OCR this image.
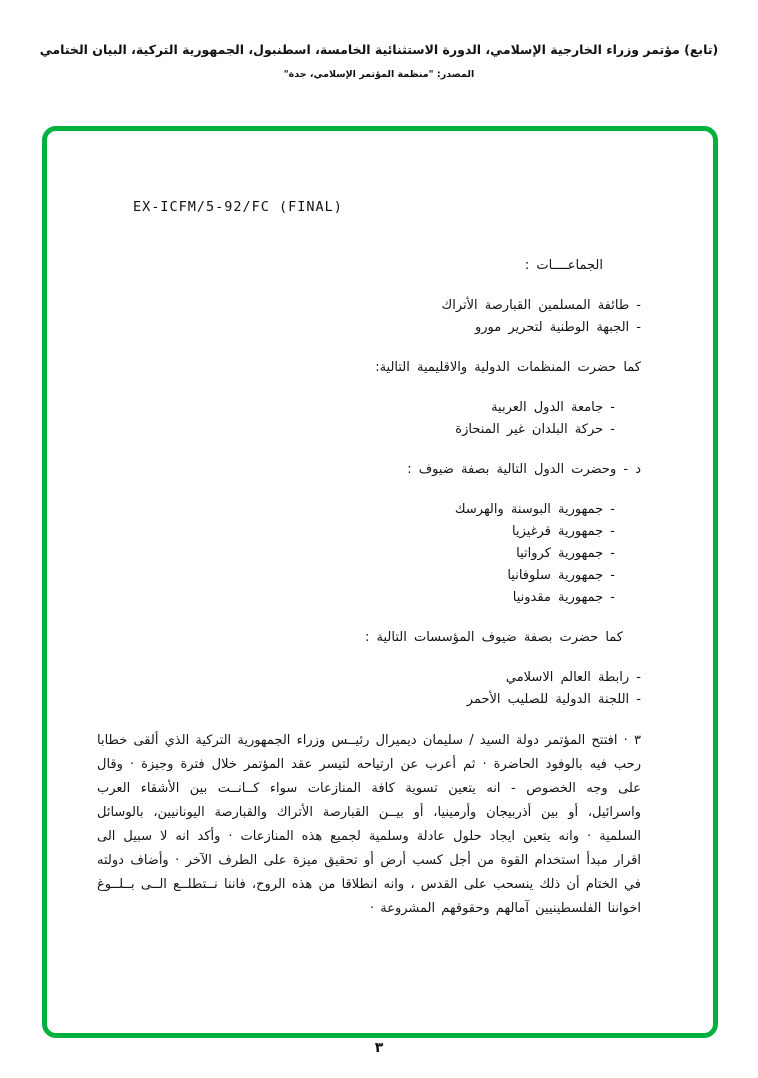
(تابع) مؤتمر وزراء الخارجية الإسلامي، الدورة الاستثنائية الخامسة، اسطنبول، الجمهورية التركية، البيان الختامي
المصدر: "منظمة المؤتمر الإسلامي، جدة"
EX-ICFM/5-92/FC (FINAL)
الجماعــــات :
- طائفة المسلمين القبارصة الأتراك
- الجبهة الوطنية لتحرير مورو
كما حضرت المنظمات الدولية والاقليمية التالية:
- جامعة الدول العربية
- حركة البلدان غير المنحازة
د - وحضرت الدول التالية بصفة ضيوف :
- جمهورية البوسنة والهرسك
- جمهورية قرغيزيا
- جمهورية كرواتيا
- جمهورية سلوفانيا
- جمهورية مقدونيا
كما حضرت بصفة ضيوف المؤسسات التالية :
- رابطة العالم الاسلامي
- اللجنة الدولية للصليب الأحمر
٣ · افتتح المؤتمر دولة السيد / سليمان ديميرال رئيــس وزراء الجمهورية التركية الذي ألقى خطابا رحب فيه بالوفود الحاضرة · ثم أعرب عن ارتياحه لتيسر عقد المؤتمر خلال فترة وجيزة · وقال على وجه الخصوص - انه يتعين تسوية كافة المنازعات سواء كــانــت بين الأشقاء العرب واسرائيل، أو بين أذربيجان وأرمينيا، أو بيــن القبارصة الأتراك والقبارصة اليونانيين، بالوسائل السلمية · وانه يتعين ايجاد حلول عادلة وسلمية لجميع هذه المنازعات · وأكد انه لا سبيل الى اقرار مبدأ استخدام القوة من أجل كسب أرض أو تحقيق ميزة على الطرف الآخر · وأضاف دولته في الختام أن ذلك ينسحب على القدس ، وانه انطلاقا من هذه الروح، فاننا نــتطلــع الــى بــلــوغ اخواننا الفلسطينيين آمالهم وحقوقهم المشروعة ·
٣
